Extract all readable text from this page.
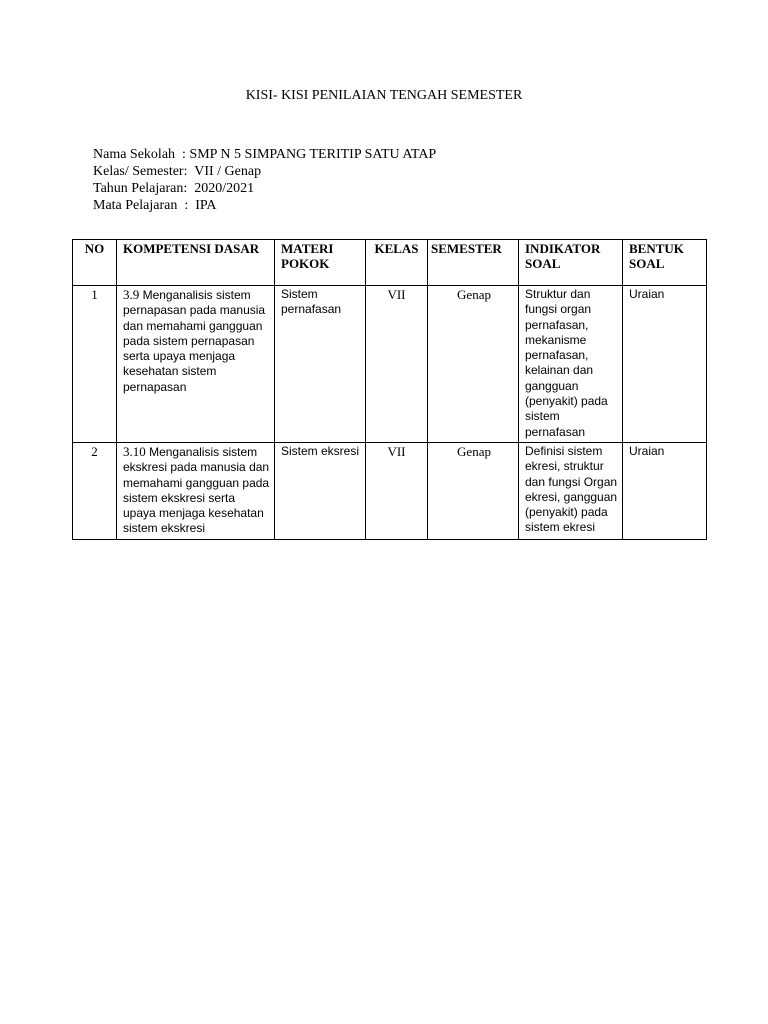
KISI- KISI PENILAIAN TENGAH SEMESTER
Nama Sekolah  : SMP N 5 SIMPANG TERITIP SATU ATAP
Kelas/ Semester:  VII / Genap
Tahun Pelajaran:  2020/2021
Mata Pelajaran  :  IPA
NO	KOMPETENSI DASAR	MATERI POKOK	KELAS	SEMESTER	INDIKATOR SOAL	BENTUK SOAL
1	3.9 Menganalisis sistem pernapasan pada manusia dan memahami gangguan pada sistem pernapasan serta upaya menjaga kesehatan sistem pernapasan	Sistem pernafasan	VII	Genap	Struktur dan fungsi organ pernafasan, mekanisme pernafasan, kelainan dan gangguan (penyakit) pada sistem pernafasan	Uraian
2	3.10 Menganalisis sistem ekskresi pada manusia dan memahami gangguan pada sistem ekskresi serta upaya menjaga kesehatan sistem ekskresi	Sistem eksresi	VII	Genap	Definisi sistem ekresi, struktur dan fungsi Organ ekresi, gangguan (penyakit) pada sistem ekresi	Uraian
